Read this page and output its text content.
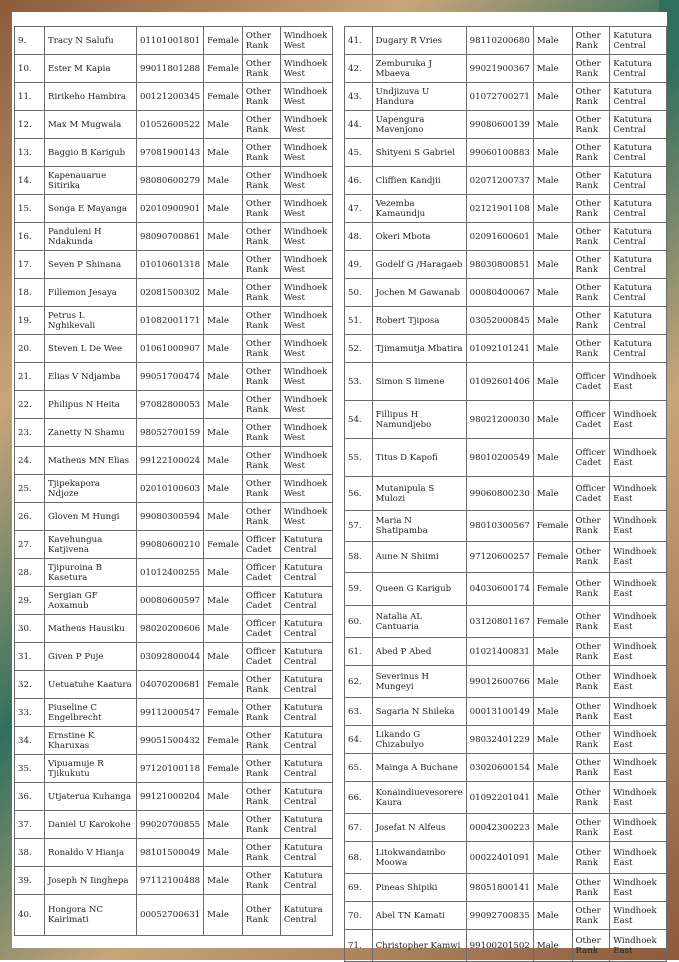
9.	Tracy N Salufu	01101001801	Female	Other Rank	Windhoek West
10.	Ester M Kapia	99011801288	Female	Other Rank	Windhoek West
11.	Ririkeho Hambira	00121200345	Female	Other Rank	Windhoek West
12.	Max M Mugwala	01052600522	Male	Other Rank	Windhoek West
13.	Baggio B Karigub	97081900143	Male	Other Rank	Windhoek West
14.	Kapenauarue Sitirika	98080600279	Male	Other Rank	Windhoek West
15.	Songa E Mayanga	02010900901	Male	Other Rank	Windhoek West
16.	Panduleni H Ndakunda	98090700861	Male	Other Rank	Windhoek West
17.	Seven P Shinana	01010601318	Male	Other Rank	Windhoek West
18.	Fillemon Jesaya	02081500302	Male	Other Rank	Windhoek West
19.	Petrus L Nghikevali	01082001171	Male	Other Rank	Windhoek West
20.	Steven L De Wee	01061000907	Male	Other Rank	Windhoek West
21.	Elias V Ndjamba	99051700474	Male	Other Rank	Windhoek West
22.	Philipus N Heita	97082800053	Male	Other Rank	Windhoek West
23.	Zanetty N Shamu	98052700159	Male	Other Rank	Windhoek West
24.	Matheus MN Elias	99122100024	Male	Other Rank	Windhoek West
25.	Tjipekapora Ndjoze	02010100603	Male	Other Rank	Windhoek West
26.	Gloven M Hungi	99080300594	Male	Other Rank	Windhoek West
27.	Kavehungua Katjivena	99080600210	Female	Officer Cadet	Katutura Central
28.	Tjipuroina B Kasetura	01012400255	Male	Officer Cadet	Katutura Central
29.	Sergian GF Aoxamub	00080600597	Male	Officer Cadet	Katutura Central
30.	Matheus Hausiku	98020200606	Male	Officer Cadet	Katutura Central
31.	Given P Puje	03092800044	Male	Officer Cadet	Katutura Central
32.	Uetuatuhe Kaatura	04070200681	Female	Other Rank	Katutura Central
33.	Piuseline C Engelbrecht	99112000547	Female	Other Rank	Katutura Central
34.	Ernstine K Kharuxas	99051500432	Female	Other Rank	Katutura Central
35.	Vipuamuje R Tjikukutu	97120100118	Female	Other Rank	Katutura Central
36.	Utjaterua Kuhanga	99121000204	Male	Other Rank	Katutura Central
37.	Daniel U Karokohe	99020700855	Male	Other Rank	Katutura Central
38.	Ronaldo V Hianja	98101500049	Male	Other Rank	Katutura Central
39.	Joseph N Iinghepa	97112100488	Male	Other Rank	Katutura Central
40.	Hongora NC Kairimati	00052700631	Male	Other Rank	Katutura Central
41.	Dugary R Vries	98110200680	Male	Other Rank	Katutura Central
42.	Zemburuka J Mbaeva	99021900367	Male	Other Rank	Katutura Central
43.	Undjizuva U Handura	01072700271	Male	Other Rank	Katutura Central
44.	Uapengura Mavenjono	99080600139	Male	Other Rank	Katutura Central
45.	Shityeni S Gabriel	99060100883	Male	Other Rank	Katutura Central
46.	Cliffien Kandjii	02071200737	Male	Other Rank	Katutura Central
47.	Vezemba Kamaundju	02121901108	Male	Other Rank	Katutura Central
48.	Okeri Mbota	02091600601	Male	Other Rank	Katutura Central
49.	Godelf G /Haragaeb	98030800851	Male	Other Rank	Katutura Central
50.	Jochen M Gawanab	00080400067	Male	Other Rank	Katutura Central
51.	Robert Tjiposa	03052000845	Male	Other Rank	Katutura Central
52.	Tjimamutja Mbatira	01092101241	Male	Other Rank	Katutura Central
53.	Simon S Iimene	01092601406	Male	Officer Cadet	Windhoek East
54.	Fillipus H Namundjebo	98021200030	Male	Officer Cadet	Windhoek East
55.	Titus D Kapofi	98010200549	Male	Officer Cadet	Windhoek East
56.	Mutanipula S Mulozi	99060800230	Male	Officer Cadet	Windhoek East
57.	Maria N Shatipamba	98010300567	Female	Other Rank	Windhoek East
58.	Aune N Shiimi	97120600257	Female	Other Rank	Windhoek East
59.	Queen G Karigub	04030600174	Female	Other Rank	Windhoek East
60.	Natalia AL Cantuaria	03120801167	Female	Other Rank	Windhoek East
61.	Abed P Abed	01021400831	Male	Other Rank	Windhoek East
62.	Severinus H Mungeyi	99012600766	Male	Other Rank	Windhoek East
63.	Sagaria N Shileka	00013100149	Male	Other Rank	Windhoek East
64.	Likando G Chizabulyo	98032401229	Male	Other Rank	Windhoek East
65.	Mainga A Buchane	03020600154	Male	Other Rank	Windhoek East
66.	Konaindiuevesorere Kaura	01092201041	Male	Other Rank	Windhoek East
67.	Josefat N Alfeus	00042300223	Male	Other Rank	Windhoek East
68.	Litokwandambo Moowa	00022401091	Male	Other Rank	Windhoek East
69.	Pineas Shipiki	98051800141	Male	Other Rank	Windhoek East
70.	Abel TN Kamati	99092700835	Male	Other Rank	Windhoek East
71.	Christopher Kamwi	99100201502	Male	Other Rank	Windhoek East
